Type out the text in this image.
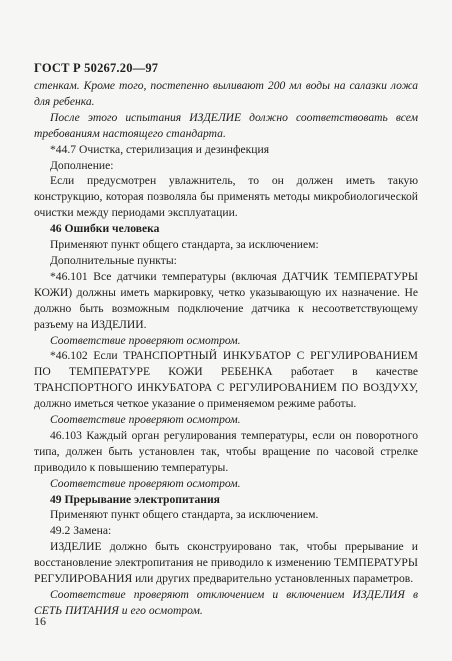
ГОСТ Р 50267.20—97

стенкам. Кроме того, постепенно выливают 200 мл воды на салазки ложа для ребенка.

После этого испытания ИЗДЕЛИЕ должно соответствовать всем требованиям настоящего стандарта.

*44.7 Очистка, стерилизация и дезинфекция

Дополнение:

Если предусмотрен увлажнитель, то он должен иметь такую конструкцию, которая позволяла бы применять методы микробиологической очистки между периодами эксплуатации.

46 Ошибки человека

Применяют пункт общего стандарта, за исключением:

Дополнительные пункты:

*46.101 Все датчики температуры (включая ДАТЧИК ТЕМПЕРАТУРЫ КОЖИ) должны иметь маркировку, четко указывающую их назначение. Не должно быть возможным подключение датчика к несоответствующему разъему на ИЗДЕЛИИ.

Соответствие проверяют осмотром.

*46.102 Если ТРАНСПОРТНЫЙ ИНКУБАТОР С РЕГУЛИРОВАНИЕМ ПО ТЕМПЕРАТУРЕ КОЖИ РЕБЕНКА работает в качестве ТРАНСПОРТНОГО ИНКУБАТОРА С РЕГУЛИРОВАНИЕМ ПО ВОЗДУХУ, должно иметься четкое указание о применяемом режиме работы.

Соответствие проверяют осмотром.

46.103 Каждый орган регулирования температуры, если он поворотного типа, должен быть установлен так, чтобы вращение по часовой стрелке приводило к повышению температуры.

Соответствие проверяют осмотром.

49 Прерывание электропитания

Применяют пункт общего стандарта, за исключением.

49.2 Замена:

ИЗДЕЛИЕ должно быть сконструировано так, чтобы прерывание и восстановление электропитания не приводило к изменению ТЕМПЕРАТУРЫ РЕГУЛИРОВАНИЯ или других предварительно установленных параметров.

Соответствие проверяют отключением и включением ИЗДЕЛИЯ в СЕТЬ ПИТАНИЯ и его осмотром.

16
